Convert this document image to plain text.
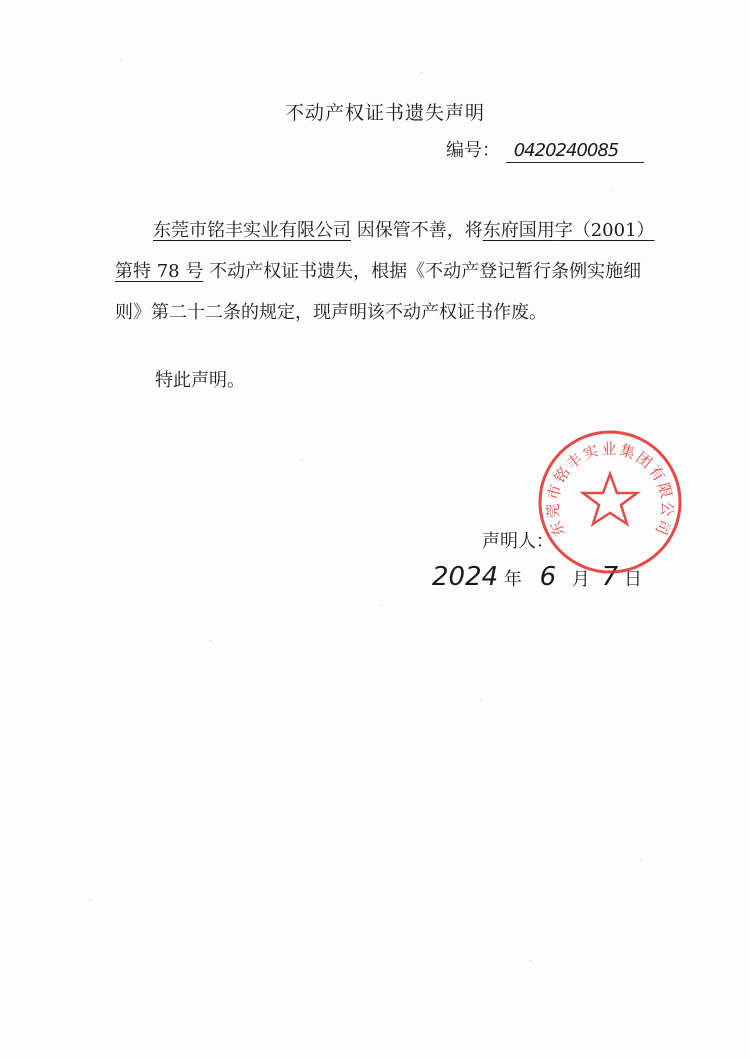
不动产权证书遗失声明
编号： 0420240085
东莞市铭丰实业有限公司 因保管不善，将东府国用字（2001）第特 78 号 不动产权证书遗失，根据《不动产登记暂行条例实施细则》第二十二条的规定，现声明该不动产权证书作废。
特此声明。
声明人：
2024 年 6 月 7 日
东莞市铭丰实业集团有限公司
